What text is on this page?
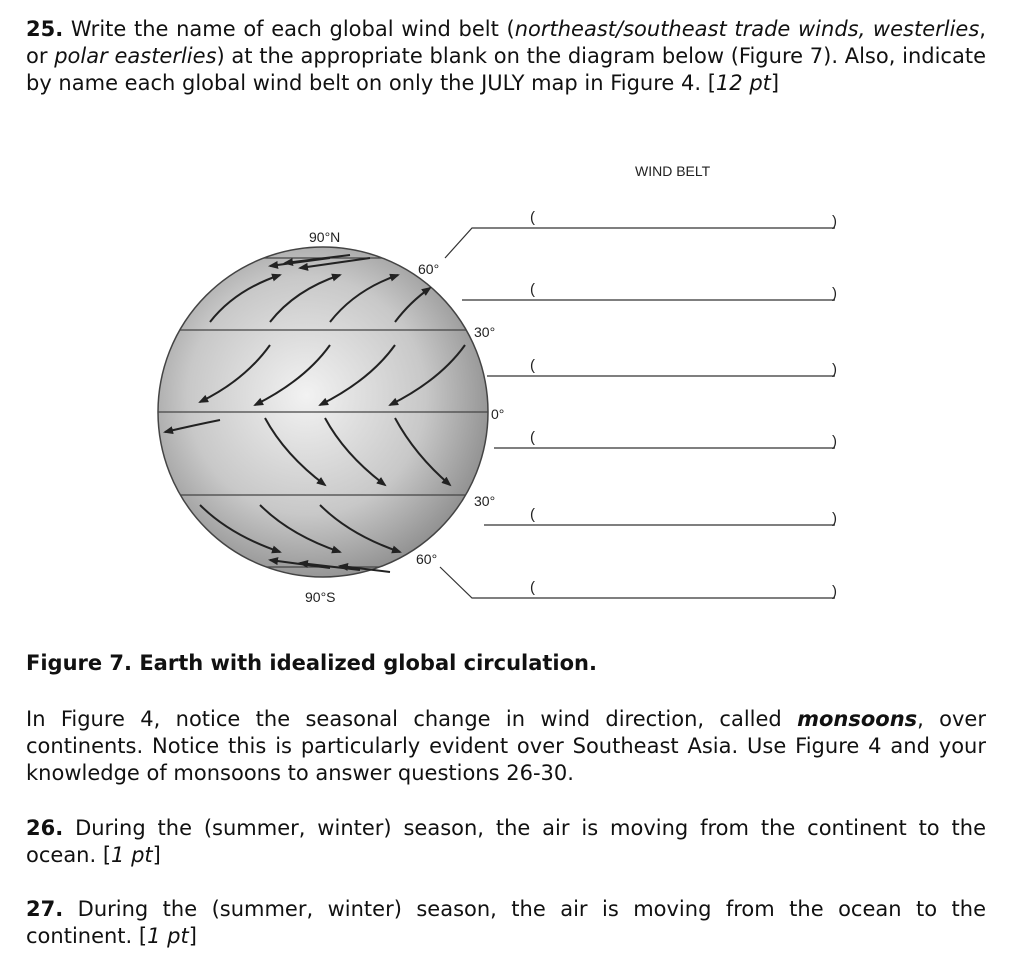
25. Write the name of each global wind belt (northeast/southeast trade winds, westerlies, or polar easterlies) at the appropriate blank on the diagram below (Figure 7). Also, indicate by name each global wind belt on only the JULY map in Figure 4. [12 pt]

90°N
60°
30°
0°
30°
60°
90°S
WIND BELT
(	)
(	)
(	)
(	)
(	)
(	)

Figure 7. Earth with idealized global circulation.

In Figure 4, notice the seasonal change in wind direction, called monsoons, over continents. Notice this is particularly evident over Southeast Asia. Use Figure 4 and your knowledge of monsoons to answer questions 26-30.

26. During the (summer, winter) season, the air is moving from the continent to the ocean. [1 pt]

27. During the (summer, winter) season, the air is moving from the ocean to the continent. [1 pt]
